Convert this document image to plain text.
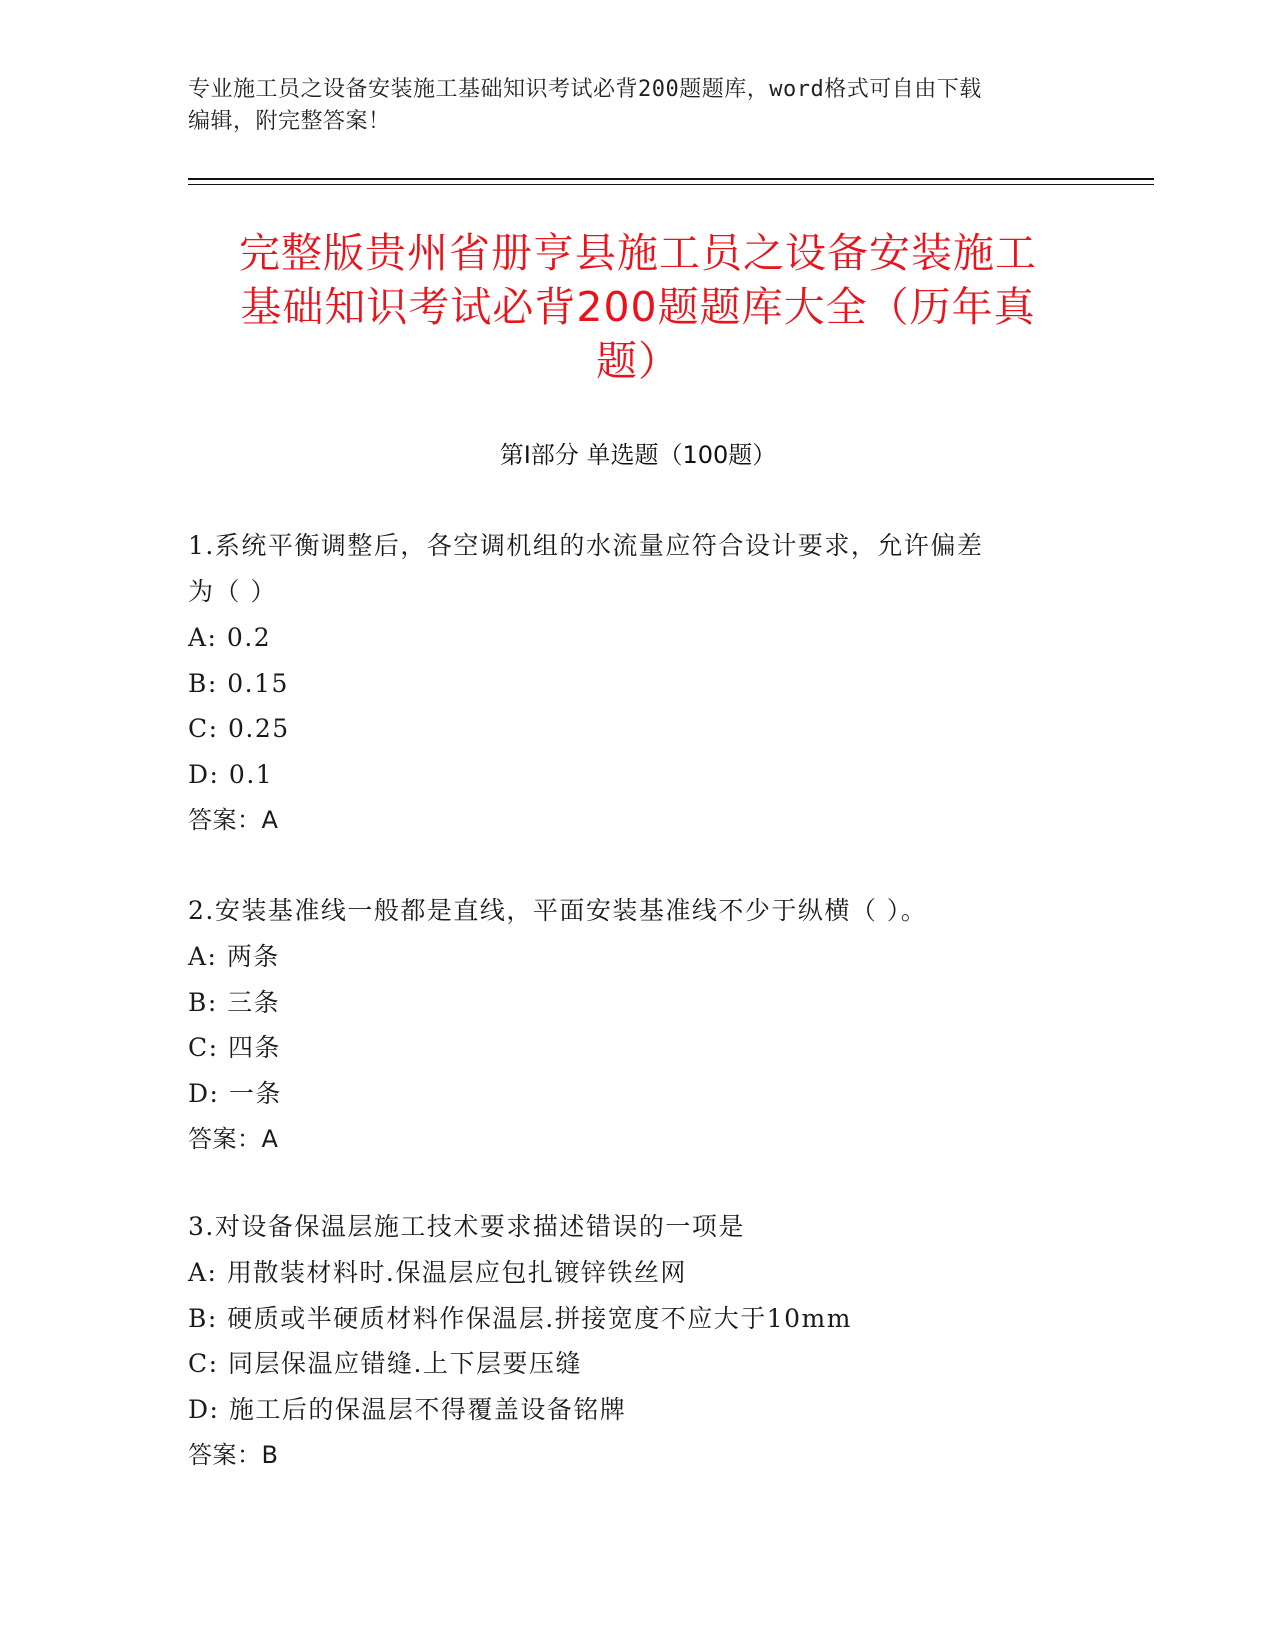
专业施工员之设备安装施工基础知识考试必背200题题库，word格式可自由下载
编辑，附完整答案！
完整版贵州省册亨县施工员之设备安装施工
基础知识考试必背200题题库大全（历年真
题）
第I部分 单选题（100题）
1.系统平衡调整后，各空调机组的水流量应符合设计要求，允许偏差
为（ ）
A: 0.2
B: 0.15
C: 0.25
D: 0.1
答案：A
2.安装基准线一般都是直线，平面安装基准线不少于纵横（ ）。
A: 两条
B: 三条
C: 四条
D: 一条
答案：A
3.对设备保温层施工技术要求描述错误的一项是
A: 用散装材料时.保温层应包扎镀锌铁丝网
B: 硬质或半硬质材料作保温层.拼接宽度不应大于10mm
C: 同层保温应错缝.上下层要压缝
D: 施工后的保温层不得覆盖设备铭牌
答案：B
